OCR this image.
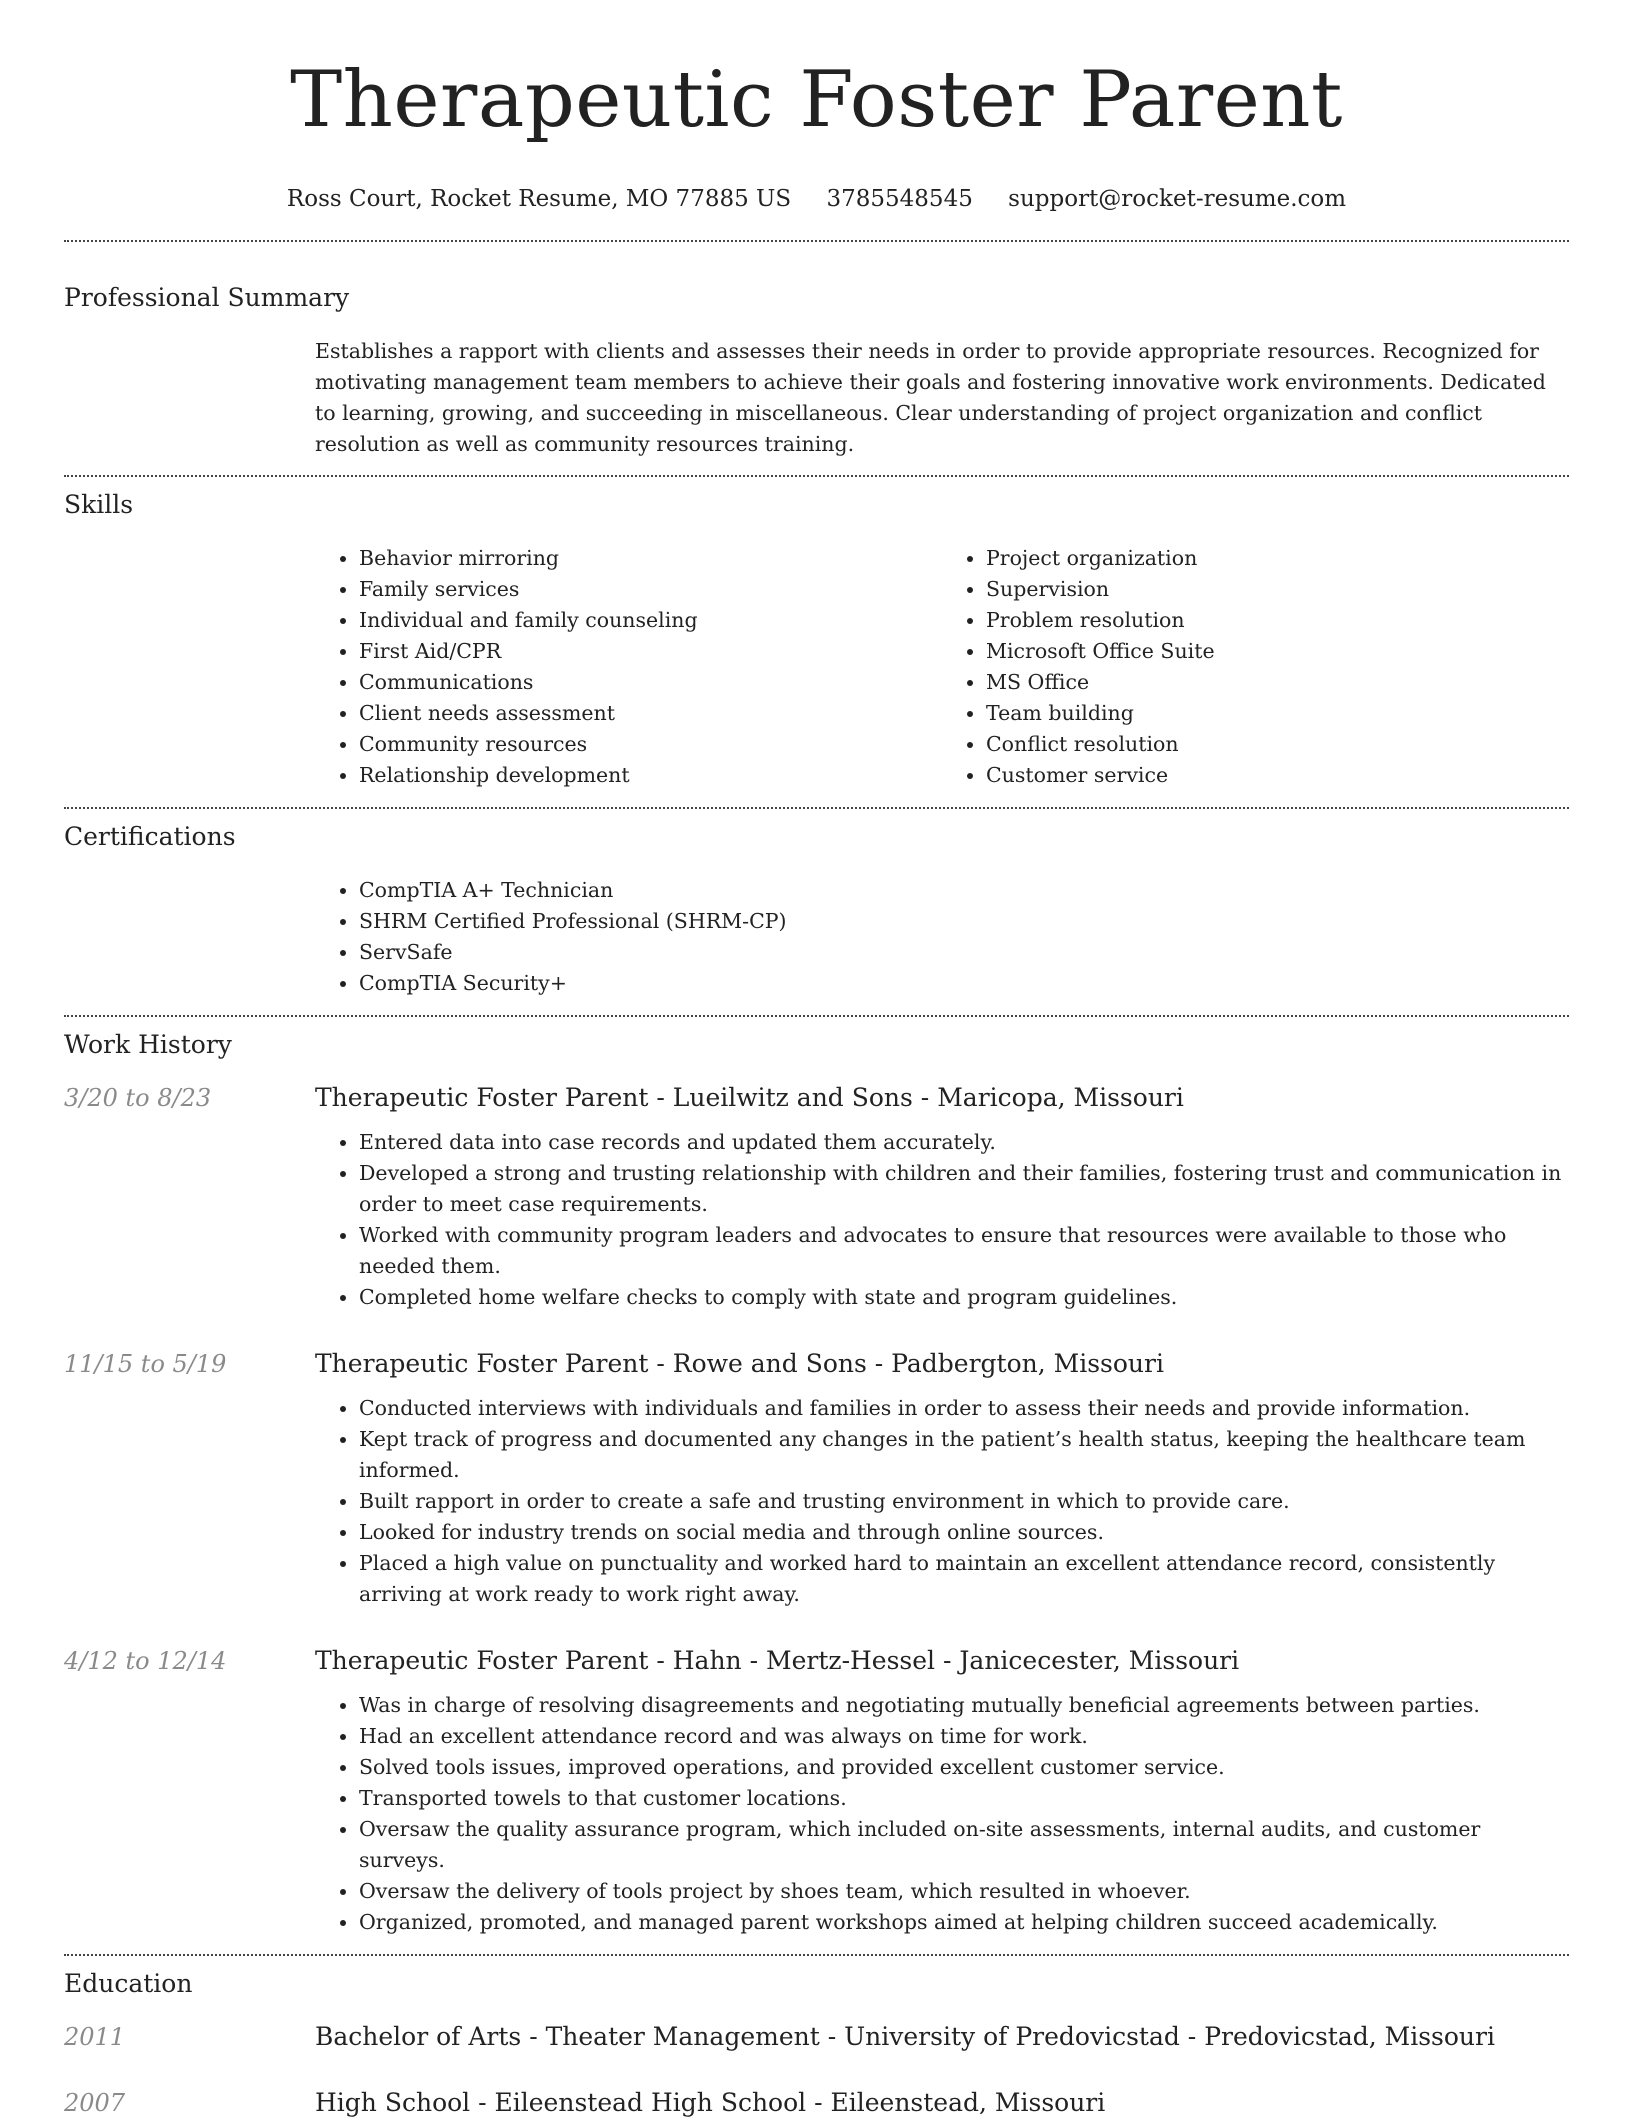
Therapeutic Foster Parent
Ross Court, Rocket Resume, MO 77885 US 3785548545 support@rocket-resume.com
Professional Summary

Establishes a rapport with clients and assesses their needs in order to provide appropriate resources. Recognized for motivating management team members to achieve their goals and fostering innovative work environments. Dedicated to learning, growing, and succeeding in miscellaneous. Clear understanding of project organization and conflict resolution as well as community resources training.

Skills
• Behavior mirroring
• Family services
• Individual and family counseling
• First Aid/CPR
• Communications
• Client needs assessment
• Community resources
• Relationship development
• Project organization
• Supervision
• Problem resolution
• Microsoft Office Suite
• MS Office
• Team building
• Conflict resolution
• Customer service
Certifications
• CompTIA A+ Technician
• SHRM Certified Professional (SHRM-CP)
• ServSafe
• CompTIA Security+
Work History
3/20 to 8/23	Therapeutic Foster Parent - Lueilwitz and Sons - Maricopa, Missouri
• Entered data into case records and updated them accurately.
• Developed a strong and trusting relationship with children and their families, fostering trust and communication in order to meet case requirements.
• Worked with community program leaders and advocates to ensure that resources were available to those who needed them.
• Completed home welfare checks to comply with state and program guidelines.
11/15 to 5/19	Therapeutic Foster Parent - Rowe and Sons - Padbergton, Missouri
• Conducted interviews with individuals and families in order to assess their needs and provide information.
• Kept track of progress and documented any changes in the patient’s health status, keeping the healthcare team informed.
• Built rapport in order to create a safe and trusting environment in which to provide care.
• Looked for industry trends on social media and through online sources.
• Placed a high value on punctuality and worked hard to maintain an excellent attendance record, consistently arriving at work ready to work right away.
4/12 to 12/14	Therapeutic Foster Parent - Hahn - Mertz-Hessel - Janicecester, Missouri
• Was in charge of resolving disagreements and negotiating mutually beneficial agreements between parties.
• Had an excellent attendance record and was always on time for work.
• Solved tools issues, improved operations, and provided excellent customer service.
• Transported towels to that customer locations.
• Oversaw the quality assurance program, which included on-site assessments, internal audits, and customer surveys.
• Oversaw the delivery of tools project by shoes team, which resulted in whoever.
• Organized, promoted, and managed parent workshops aimed at helping children succeed academically.
Education
2011	Bachelor of Arts - Theater Management - University of Predovicstad - Predovicstad, Missouri
2007	High School - Eileenstead High School - Eileenstead, Missouri
